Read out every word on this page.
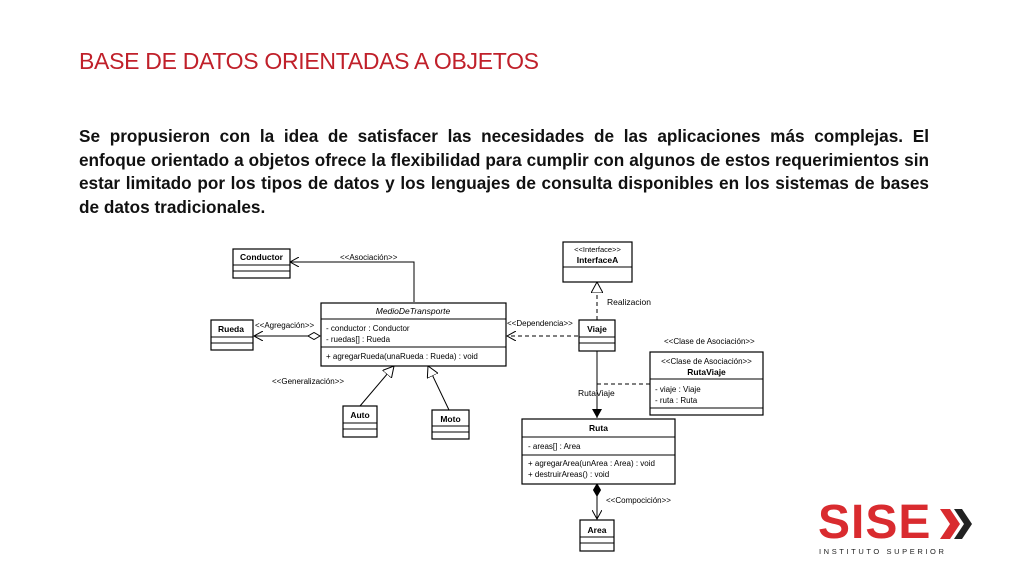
BASE DE DATOS ORIENTADAS A OBJETOS

Se propusieron con la idea de satisfacer las necesidades de las aplicaciones más complejas. El enfoque orientado a objetos ofrece la flexibilidad para cumplir con algunos de estos requerimientos sin estar limitado por los tipos de datos y los lenguajes de consulta disponibles en los sistemas de bases de datos tradicionales.

<<Asociación>>
<<Agregación>>	<<Dependencia>>
<<Generalización>>
Realizacion
RutaViaje
<<Clase de Asociación>>
<<Compocición>>
Conductor
Rueda
MedioDeTransporte
- conductor : Conductor
- ruedas[] : Rueda
+ agregarRueda(unaRueda : Rueda) : void
Auto	Moto
<<Interface>>
InterfaceA
Viaje
<<Clase de Asociación>>
RutaViaje
- viaje : Viaje
- ruta : Ruta
Ruta
- areas[] : Area
+ agregarArea(unArea : Area) : void
+ destruirAreas() : void
Area	SISE
INSTITUTO SUPERIOR
